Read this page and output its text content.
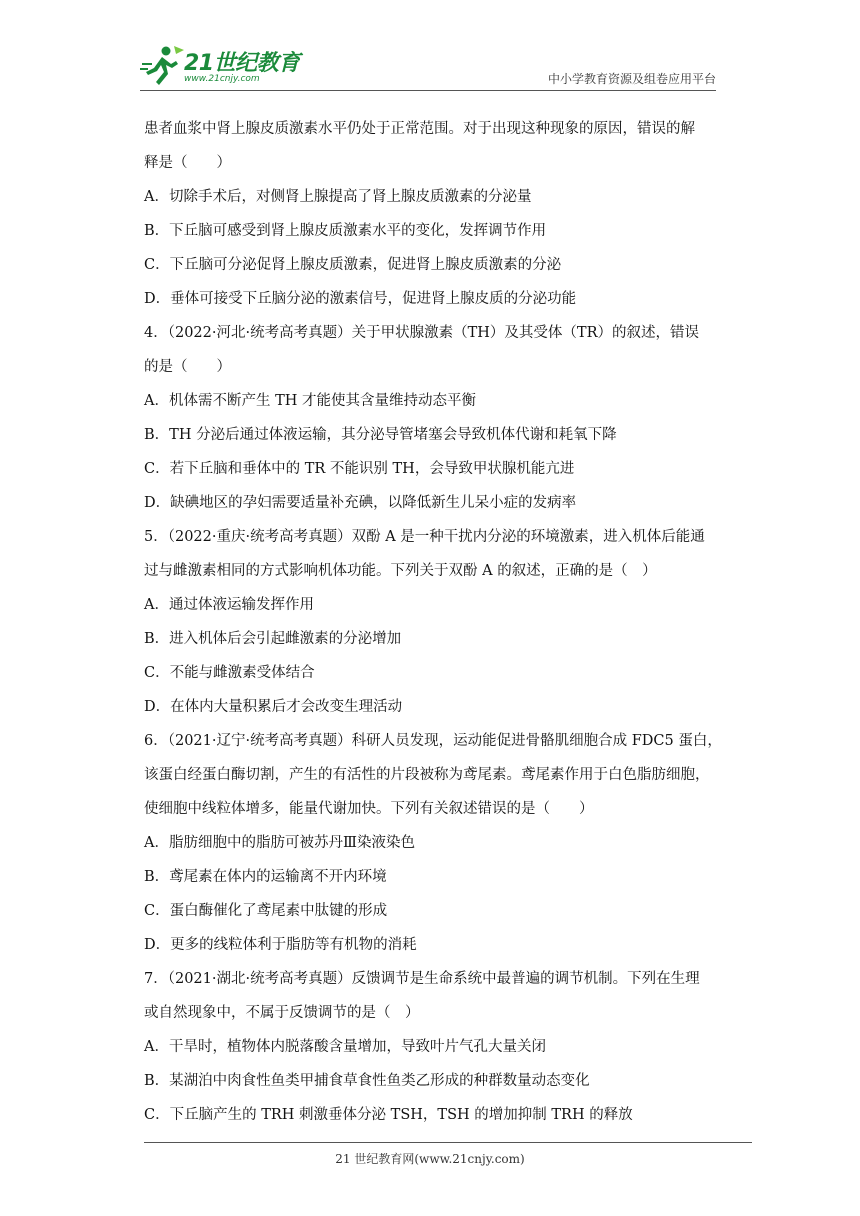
21世纪教育
www.21cnjy.com	中小学教育资源及组卷应用平台
患者血浆中肾上腺皮质激素水平仍处于正常范围。对于出现这种现象的原因，错误的解
释是（　　）
A．切除手术后，对侧肾上腺提高了肾上腺皮质激素的分泌量
B．下丘脑可感受到肾上腺皮质激素水平的变化，发挥调节作用
C．下丘脑可分泌促肾上腺皮质激素，促进肾上腺皮质激素的分泌
D．垂体可接受下丘脑分泌的激素信号，促进肾上腺皮质的分泌功能
4．（2022·河北·统考高考真题）关于甲状腺激素（TH）及其受体（TR）的叙述，错误
的是（　　）
A．机体需不断产生 TH 才能使其含量维持动态平衡
B．TH 分泌后通过体液运输，其分泌导管堵塞会导致机体代谢和耗氧下降
C．若下丘脑和垂体中的 TR 不能识别 TH，会导致甲状腺机能亢进
D．缺碘地区的孕妇需要适量补充碘，以降低新生儿呆小症的发病率
5．（2022·重庆·统考高考真题）双酚 A 是一种干扰内分泌的环境激素，进入机体后能通
过与雌激素相同的方式影响机体功能。下列关于双酚 A 的叙述，正确的是（　）
A．通过体液运输发挥作用
B．进入机体后会引起雌激素的分泌增加
C．不能与雌激素受体结合
D．在体内大量积累后才会改变生理活动
6．（2021·辽宁·统考高考真题）科研人员发现，运动能促进骨骼肌细胞合成 FDC5 蛋白，
该蛋白经蛋白酶切割，产生的有活性的片段被称为鸢尾素。鸢尾素作用于白色脂肪细胞，
使细胞中线粒体增多，能量代谢加快。下列有关叙述错误的是（　　）
A．脂肪细胞中的脂肪可被苏丹Ⅲ染液染色
B．鸢尾素在体内的运输离不开内环境
C．蛋白酶催化了鸢尾素中肽键的形成
D．更多的线粒体利于脂肪等有机物的消耗
7．（2021·湖北·统考高考真题）反馈调节是生命系统中最普遍的调节机制。下列在生理
或自然现象中，不属于反馈调节的是（　）
A．干旱时，植物体内脱落酸含量增加，导致叶片气孔大量关闭
B．某湖泊中肉食性鱼类甲捕食草食性鱼类乙形成的种群数量动态变化
C．下丘脑产生的 TRH 刺激垂体分泌 TSH，TSH 的增加抑制 TRH 的释放
21 世纪教育网(www.21cnjy.com)
